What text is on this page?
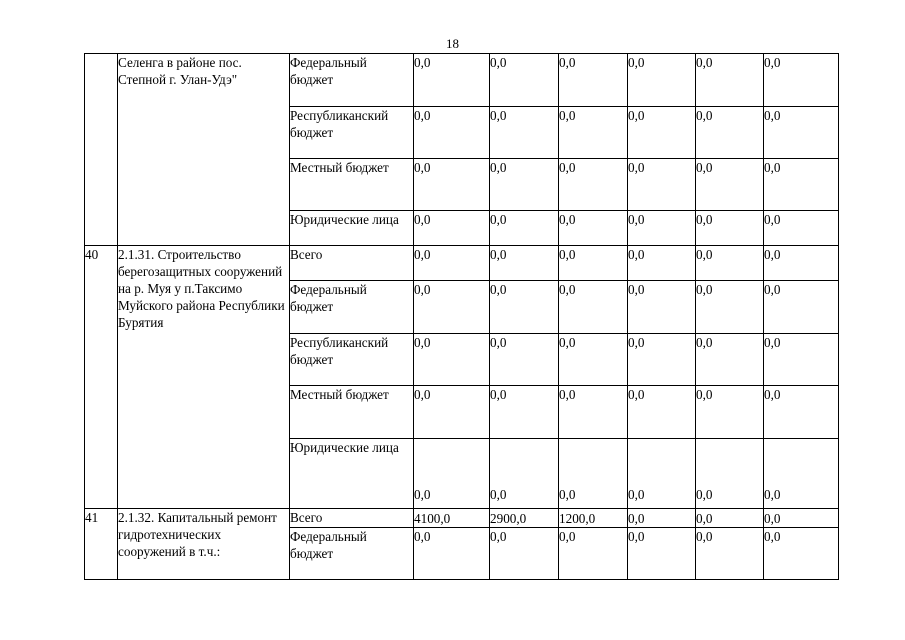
18
	Селенга в районе пос. Степной г. Улан-Удэ"	Федеральный бюджет	0,0	0,0	0,0	0,0	0,0	0,0
		Республиканский бюджет	0,0	0,0	0,0	0,0	0,0	0,0
		Местный бюджет	0,0	0,0	0,0	0,0	0,0	0,0
		Юридические лица	0,0	0,0	0,0	0,0	0,0	0,0
40	2.1.31. Строительство берегозащитных сооружений на р. Муя у п.Таксимо Муйского района Республики Бурятия	Всего	0,0	0,0	0,0	0,0	0,0	0,0
		Федеральный бюджет	0,0	0,0	0,0	0,0	0,0	0,0
		Республиканский бюджет	0,0	0,0	0,0	0,0	0,0	0,0
		Местный бюджет	0,0	0,0	0,0	0,0	0,0	0,0
		Юридические лица	0,0	0,0	0,0	0,0	0,0	0,0
41	2.1.32. Капитальный ремонт гидротехнических сооружений в т.ч.:	Всего	4100,0	2900,0	1200,0	0,0	0,0	0,0
		Федеральный бюджет	0,0	0,0	0,0	0,0	0,0	0,0
